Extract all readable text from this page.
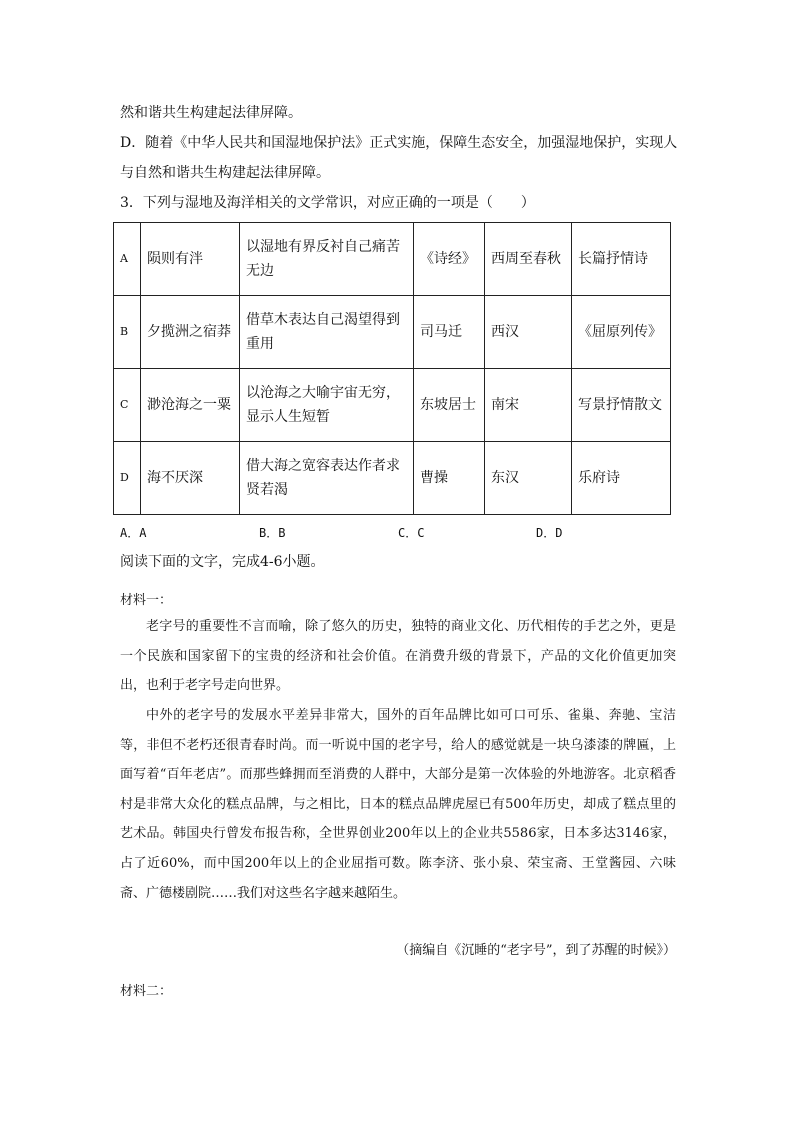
然和谐共生构建起法律屏障。
D．随着《中华人民共和国湿地保护法》正式实施，保障生态安全，加强湿地保护，实现人
与自然和谐共生构建起法律屏障。
3．下列与湿地及海洋相关的文学常识，对应正确的一项是（　　）
A	陨则有泮	以湿地有界反衬自己痛苦无边	《诗经》	西周至春秋	长篇抒情诗
B	夕揽洲之宿莽	借草木表达自己渴望得到重用	司马迁	西汉	《屈原列传》
C	渺沧海之一粟	以沧海之大喻宇宙无穷，显示人生短暂	东坡居士	南宋	写景抒情散文
D	海不厌深	借大海之宽容表达作者求贤若渴	曹操	东汉	乐府诗
A．A	B．B	C．C	D．D
阅读下面的文字，完成4-6小题。
材料一：
老字号的重要性不言而喻，除了悠久的历史，独特的商业文化、历代相传的手艺之外，更是一个民族和国家留下的宝贵的经济和社会价值。在消费升级的背景下，产品的文化价值更加突出，也利于老字号走向世界。
中外的老字号的发展水平差异非常大，国外的百年品牌比如可口可乐、雀巢、奔驰、宝洁等，非但不老朽还很青春时尚。而一听说中国的老字号，给人的感觉就是一块乌漆漆的牌匾，上面写着“百年老店”。而那些蜂拥而至消费的人群中，大部分是第一次体验的外地游客。北京稻香村是非常大众化的糕点品牌，与之相比，日本的糕点品牌虎屋已有500年历史，却成了糕点里的艺术品。韩国央行曾发布报告称，全世界创业200年以上的企业共5586家，日本多达3146家，占了近60%，而中国200年以上的企业屈指可数。陈李济、张小泉、荣宝斋、王堂酱园、六味斋、广德楼剧院……我们对这些名字越来越陌生。
（摘编自《沉睡的“老字号”，到了苏醒的时候》）
材料二：
